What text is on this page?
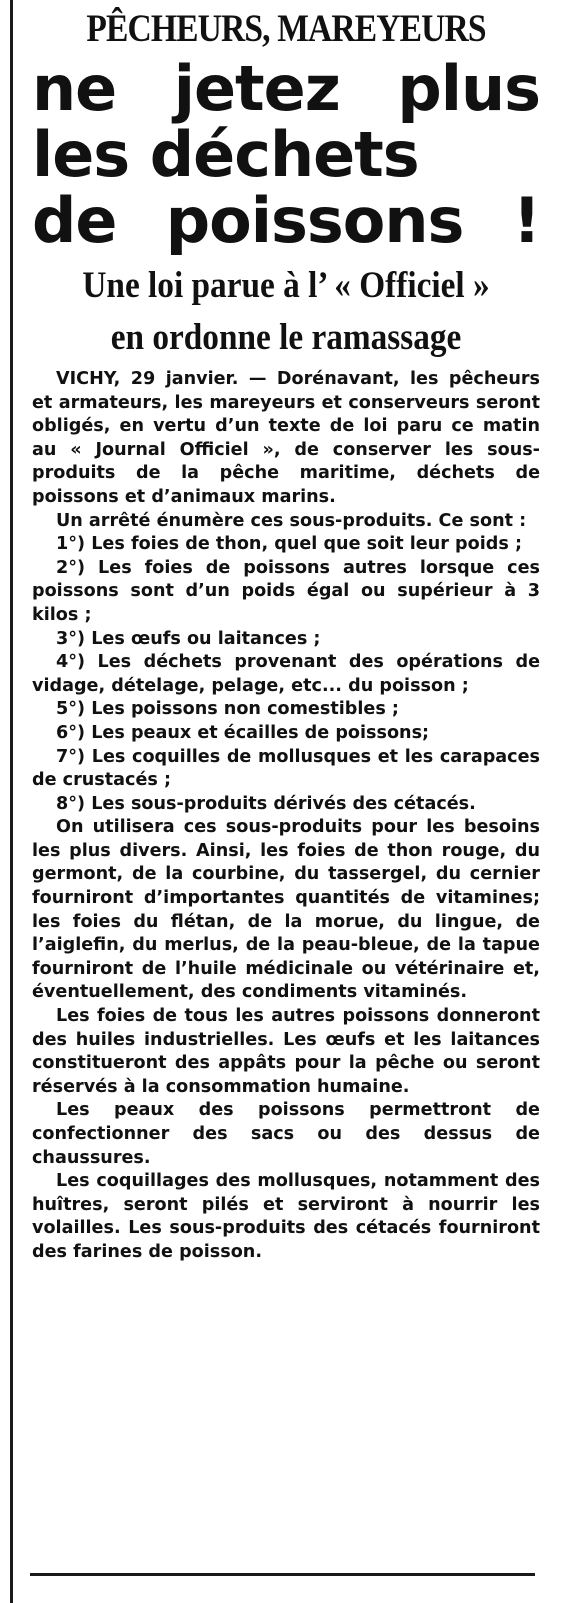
PÊCHEURS, MAREYEURS
ne jetez plus
les déchets
de poissons !
Une loi parue à l’ « Officiel »
en ordonne le ramassage

VICHY, 29 janvier. — Dorénavant, les pêcheurs et armateurs, les mareyeurs et conserveurs seront obligés, en vertu d’un texte de loi paru ce matin au « Journal Officiel », de conserver les sous-produits de la pêche maritime, déchets de poissons et d’animaux marins.

Un arrêté énumère ces sous-produits. Ce sont :

1°) Les foies de thon, quel que soit leur poids ;

2°) Les foies de poissons autres lorsque ces poissons sont d’un poids égal ou supérieur à 3 kilos ;

3°) Les œufs ou laitances ;

4°) Les déchets provenant des opérations de vidage, dételage, pelage, etc... du poisson ;

5°) Les poissons non comestibles ;

6°) Les peaux et écailles de poissons;

7°) Les coquilles de mollusques et les carapaces de crustacés ;

8°) Les sous-produits dérivés des cétacés.

On utilisera ces sous-produits pour les besoins les plus divers. Ainsi, les foies de thon rouge, du germont, de la courbine, du tassergel, du cernier fourniront d’importantes quantités de vitamines; les foies du flétan, de la morue, du lingue, de l’aiglefin, du merlus, de la peau-bleue, de la tapue fourniront de l’huile médicinale ou vétérinaire et, éventuellement, des condiments vitaminés.

Les foies de tous les autres poissons donneront des huiles industrielles. Les œufs et les laitances constitueront des appâts pour la pêche ou seront réservés à la consommation humaine.

Les peaux des poissons permettront de confectionner des sacs ou des dessus de chaussures.

Les coquillages des mollusques, notamment des huîtres, seront pilés et serviront à nourrir les volailles. Les sous-produits des cétacés fourniront des farines de poisson.
